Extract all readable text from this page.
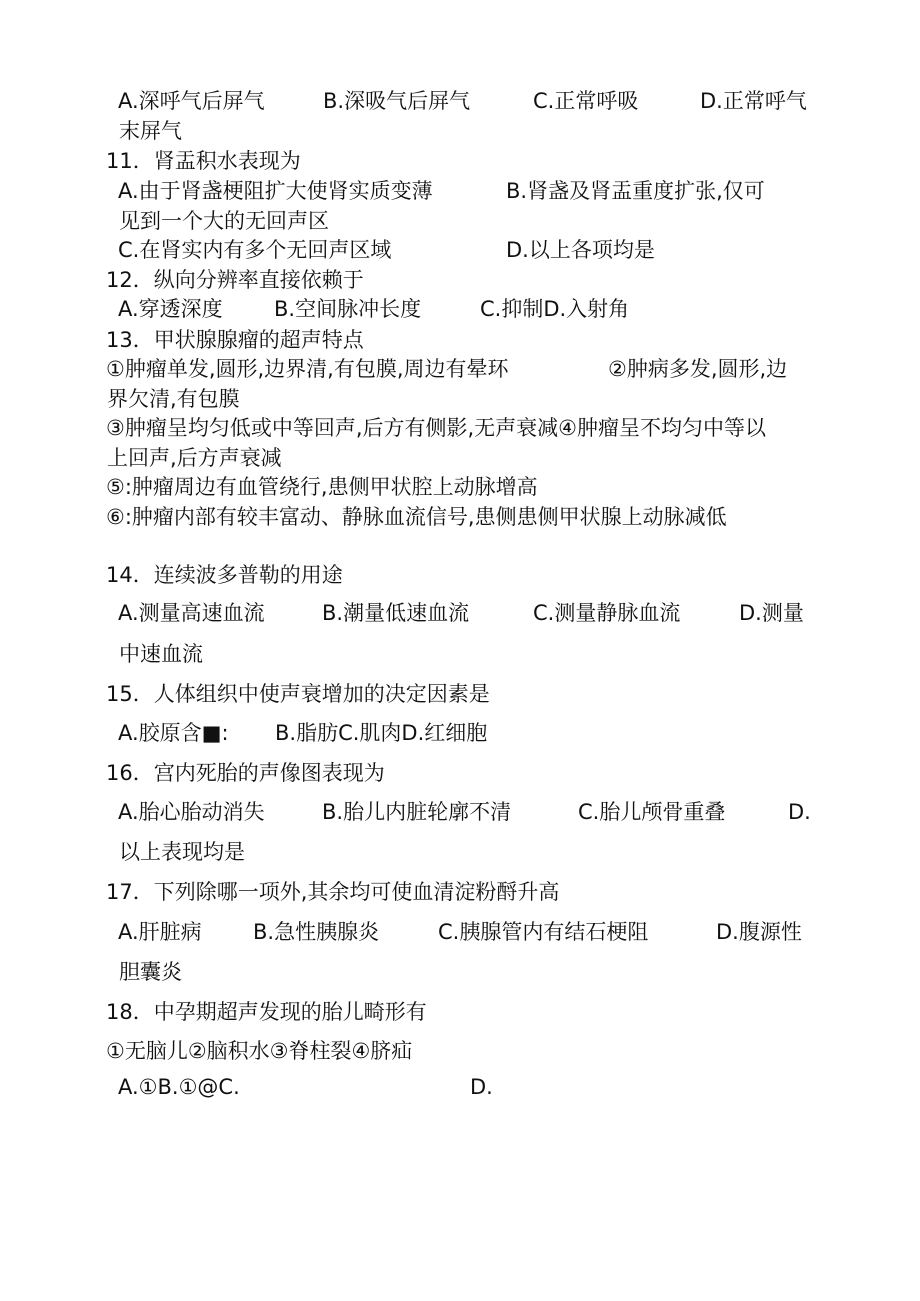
A.深呼气后屏气

	B.深吸气后屏气

	C.正常呼吸

	D.正常呼气

末屏气
11．肾盂积水表现为

A.由于肾盏梗阻扩大使肾实质变薄

	B.肾盏及肾盂重度扩张,仅可

见到一个大的无回声区

C.在肾实内有多个无回声区域

	D.以上各项均是

12．纵向分辨率直接依赖于

A.穿透深度

B.空间脉冲长度

	C.抑制D.入射角

13．甲状腺腺瘤的超声特点

①肿瘤单发,圆形,边界清,有包膜,周边有晕环

	②肿病多发,圆形,边

界欠清,有包膜
③肿瘤呈均匀低或中等回声,后方有侧影,无声衰减④肿瘤呈不均匀中等以
上回声,后方声衰减
⑤:肿瘤周边有血管绕行,患侧甲状腔上动脉增高
⑥:肿瘤内部有较丰富动、静脉血流信号,患侧患侧甲状腺上动脉减低
14．连续波多普勒的用途

A.测量高速血流

	B.潮量低速血流

	C.测量静脉血流

	D.测量

中速血流
15．人体组织中使声衰增加的决定因素是

A.胶原含■:

B.脂肪C.肌肉D.红细胞

16．宫内死胎的声像图表现为

A.胎心胎动消失

	B.胎儿内脏轮廓不清

	C.胎儿颅骨重叠

	D.

以上表现均是
17．下列除哪一项外,其余均可使血清淀粉酹升高

A.肝脏病

B.急性胰腺炎

	C.胰腺管内有结石梗阻

	D.腹源性

胆囊炎
18．中孕期超声发现的胎儿畸形有
①无脑儿②脑积水③脊柱裂④脐疝

A.①B.①@C.

	D.
